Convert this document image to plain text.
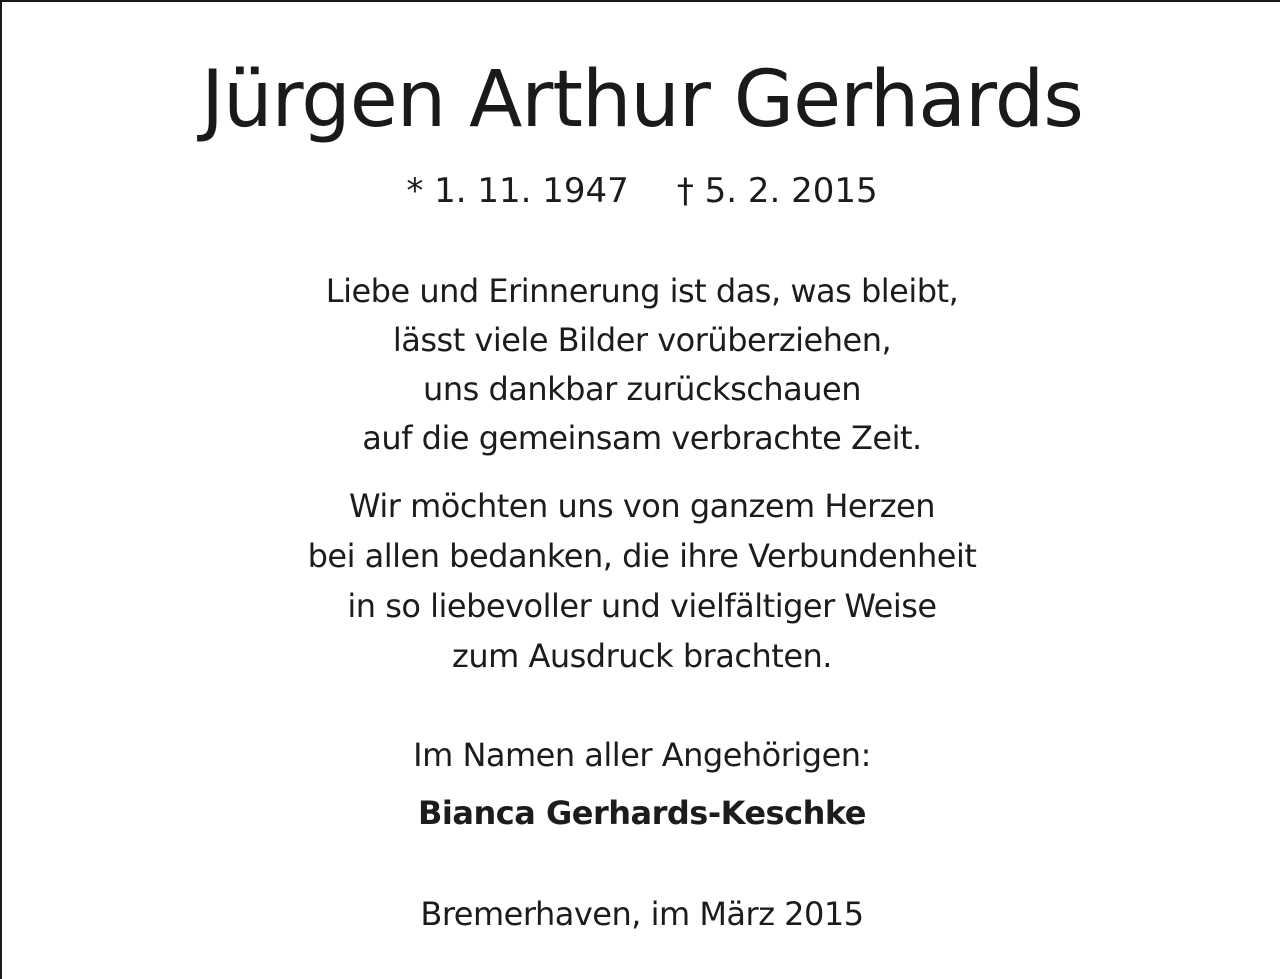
Jürgen Arthur Gerhards
* 1. 11. 1947 † 5. 2. 2015
Liebe und Erinnerung ist das, was bleibt,
lässt viele Bilder vorüberziehen,
uns dankbar zurückschauen
auf die gemeinsam verbrachte Zeit.
Wir möchten uns von ganzem Herzen
bei allen bedanken, die ihre Verbundenheit
in so liebevoller und vielfältiger Weise
zum Ausdruck brachten.
Im Namen aller Angehörigen:
Bianca Gerhards-Keschke
Bremerhaven, im März 2015
